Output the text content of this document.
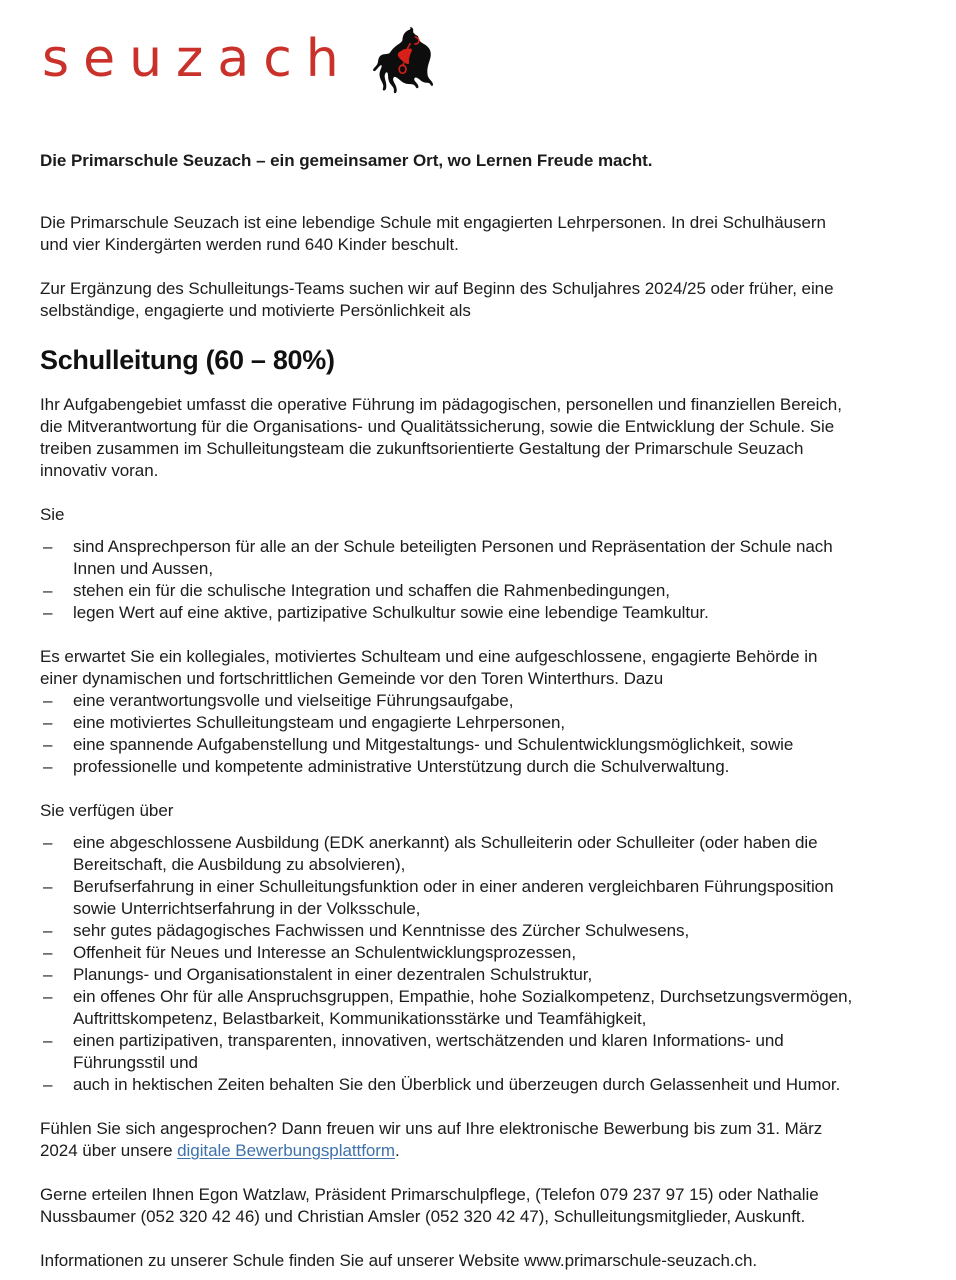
seuzach

Die Primarschule Seuzach – ein gemeinsamer Ort, wo Lernen Freude macht.

Die Primarschule Seuzach ist eine lebendige Schule mit engagierten Lehrpersonen. In drei Schulhäusern und vier Kindergärten werden rund 640 Kinder beschult.

Zur Ergänzung des Schulleitungs-Teams suchen wir auf Beginn des Schuljahres 2024/25 oder früher, eine selbständige, engagierte und motivierte Persönlichkeit als

Schulleitung (60 – 80%)

Ihr Aufgabengebiet umfasst die operative Führung im pädagogischen, personellen und finanziellen Bereich, die Mitverantwortung für die Organisations- und Qualitätssicherung, sowie die Entwicklung der Schule. Sie treiben zusammen im Schulleitungsteam die zukunftsorientierte Gestaltung der Primarschule Seuzach innovativ voran.

Sie

– sind Ansprechperson für alle an der Schule beteiligten Personen und Repräsentation der Schule nach Innen und Aussen,
– stehen ein für die schulische Integration und schaffen die Rahmenbedingungen,
– legen Wert auf eine aktive, partizipative Schulkultur sowie eine lebendige Teamkultur.

Es erwartet Sie ein kollegiales, motiviertes Schulteam und eine aufgeschlossene, engagierte Behörde in einer dynamischen und fortschrittlichen Gemeinde vor den Toren Winterthurs. Dazu

– eine verantwortungsvolle und vielseitige Führungsaufgabe,
– eine motiviertes Schulleitungsteam und engagierte Lehrpersonen,
– eine spannende Aufgabenstellung und Mitgestaltungs- und Schulentwicklungsmöglichkeit, sowie
– professionelle und kompetente administrative Unterstützung durch die Schulverwaltung.

Sie verfügen über

– eine abgeschlossene Ausbildung (EDK anerkannt) als Schulleiterin oder Schulleiter (oder haben die Bereitschaft, die Ausbildung zu absolvieren),
– Berufserfahrung in einer Schulleitungsfunktion oder in einer anderen vergleichbaren Führungsposition sowie Unterrichtserfahrung in der Volksschule,
– sehr gutes pädagogisches Fachwissen und Kenntnisse des Zürcher Schulwesens,
– Offenheit für Neues und Interesse an Schulentwicklungsprozessen,
– Planungs- und Organisationstalent in einer dezentralen Schulstruktur,
– ein offenes Ohr für alle Anspruchsgruppen, Empathie, hohe Sozialkompetenz, Durchsetzungsvermögen, Auftrittskompetenz, Belastbarkeit, Kommunikationsstärke und Teamfähigkeit,
– einen partizipativen, transparenten, innovativen, wertschätzenden und klaren Informations- und Führungsstil und
– auch in hektischen Zeiten behalten Sie den Überblick und überzeugen durch Gelassenheit und Humor.

Fühlen Sie sich angesprochen? Dann freuen wir uns auf Ihre elektronische Bewerbung bis zum 31. März 2024 über unsere digitale Bewerbungsplattform.

Gerne erteilen Ihnen Egon Watzlaw, Präsident Primarschulpflege, (Telefon 079 237 97 15) oder Nathalie Nussbaumer (052 320 42 46) und Christian Amsler (052 320 42 47), Schulleitungsmitglieder, Auskunft.

Informationen zu unserer Schule finden Sie auf unserer Website www.primarschule-seuzach.ch.
